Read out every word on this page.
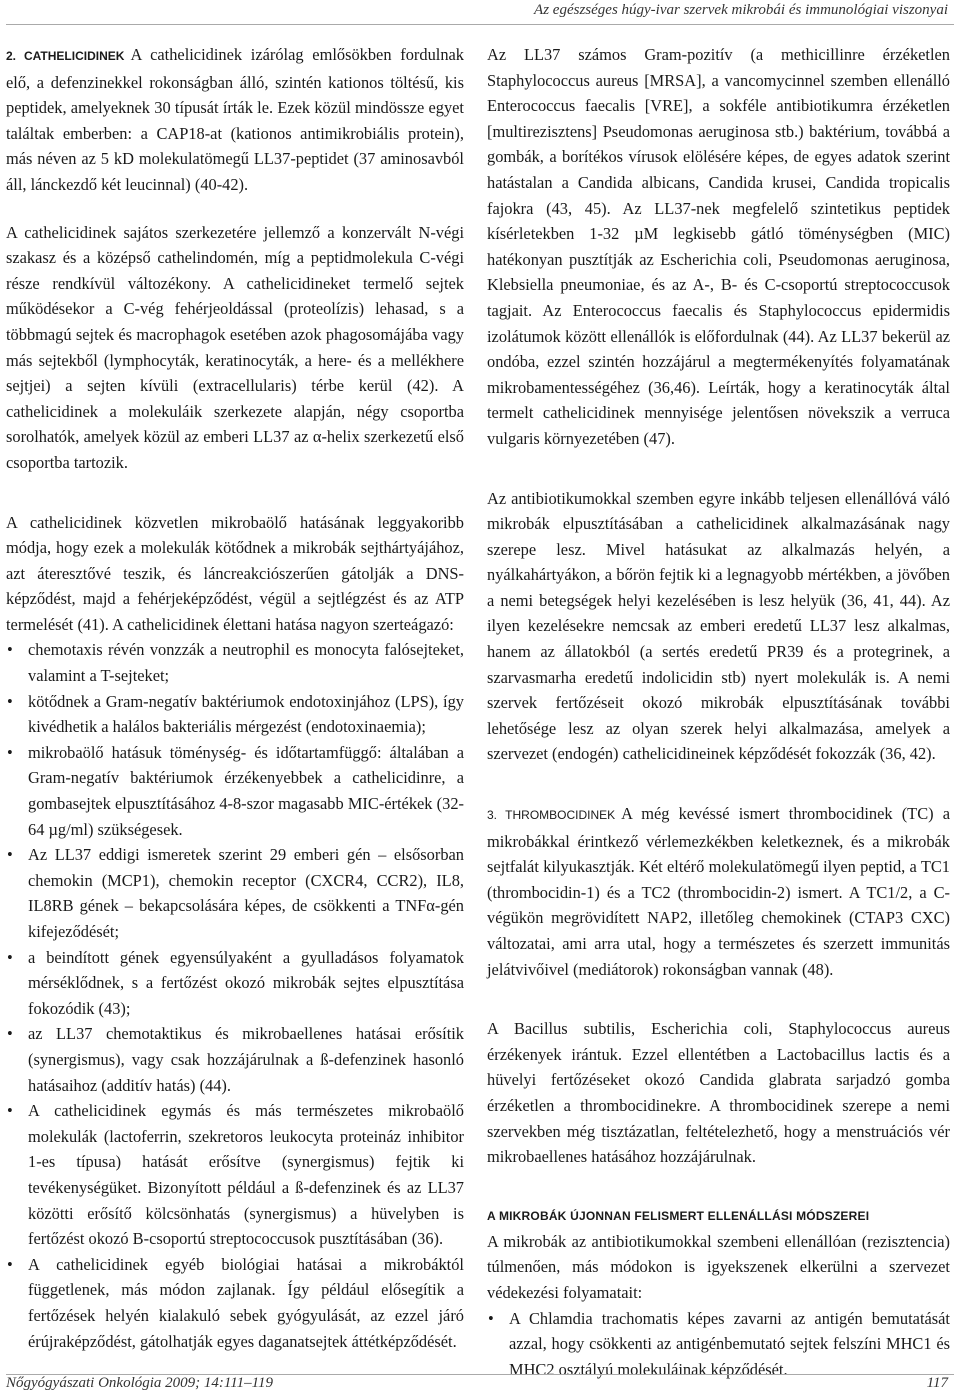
Az egészséges húgy-ivar szervek mikrobái és immunológiai viszonyai

2. CATHELICIDINEK A cathelicidinek izárólag emlősökben fordulnak elő, a defenzinekkel rokonságban álló, szintén kationos töltésű, kis peptidek, amelyeknek 30 típusát írták le. Ezek közül mindössze egyet találtak emberben: a CAP18-at (kationos antimikrobiális protein), más néven az 5 kD molekulatömegű LL37-peptidet (37 aminosavból áll, lánckezdő két leucinnal) (40-42).

A cathelicidinek sajátos szerkezetére jellemző a konzervált N-végi szakasz és a középső cathelindomén, míg a peptidmolekula C-végi része rendkívül változékony. A cathelicidineket termelő sejtek működésekor a C-vég fehérjeoldással (proteolízis) lehasad, s a többmagú sejtek és macrophagok esetében azok phagosomájába vagy más sejtekből (lymphocyták, keratinocyták, a here- és a mellékhere sejtjei) a sejten kívüli (extracellularis) térbe kerül (42). A cathelicidinek a molekuláik szerkezete alapján, négy csoportba sorolhatók, amelyek közül az emberi LL37 az α-helix szerkezetű első csoportba tartozik.

A cathelicidinek közvetlen mikrobaölő hatásának leggyakoribb módja, hogy ezek a molekulák kötődnek a mikrobák sejthártyájához, azt áteresztővé teszik, és láncreakciószerűen gátolják a DNS-képződést, majd a fehérjeképződést, végül a sejtlégzést és az ATP termelését (41). A cathelicidinek élettani hatása nagyon szerteágazó:

• chemotaxis révén vonzzák a neutrophil es monocyta falósejteket, valamint a T-sejteket;
• kötődnek a Gram-negatív baktériumok endotoxinjához (LPS), így kivédhetik a halálos bakteriális mérgezést (endotoxinaemia);
• mikrobaölő hatásuk töménység- és időtartamfüggő: általában a Gram-negatív baktériumok érzékenyebbek a cathelicidinre, a gombasejtek elpusztításához 4-8-szor magasabb MIC-értékek (32-64 µg/ml) szükségesek.
• Az LL37 eddigi ismeretek szerint 29 emberi gén – elsősorban chemokin (MCP1), chemokin receptor (CXCR4, CCR2), IL8, IL8RB gének – bekapcsolására képes, de csökkenti a TNFα-gén kifejeződését;
• a beindított gének egyensúlyaként a gyulladásos folyamatok mérséklődnek, s a fertőzést okozó mikrobák sejtes elpusztítása fokozódik (43);
• az LL37 chemotaktikus és mikrobaellenes hatásai erősítik (synergismus), vagy csak hozzájárulnak a ß-defenzinek hasonló hatásaihoz (additív hatás) (44).
• A cathelicidinek egymás és más természetes mikrobaölő molekulák (lactoferrin, szekretoros leukocyta proteináz inhibitor 1-es típusa) hatását erősítve (synergismus) fejtik ki tevékenységüket. Bizonyított például a ß-defenzinek és az LL37 közötti erősítő kölcsönhatás (synergismus) a hüvelyben is fertőzést okozó B-csoportú streptococcusok pusztításában (36).
• A cathelicidinek egyéb biológiai hatásai a mikrobáktól függetlenek, más módon zajlanak. Így például elősegítik a fertőzések helyén kialakuló sebek gyógyulását, az ezzel járó érújraképződést, gátolhatják egyes daganatsejtek áttétképződését.

Az LL37 számos Gram-pozitív (a methicillinre érzéketlen Staphylococcus aureus [MRSA], a vancomycinnel szemben ellenálló Enterococcus faecalis [VRE], a sokféle antibiotikumra érzéketlen [multirezisztens] Pseudomonas aeruginosa stb.) baktérium, továbbá a gombák, a borítékos vírusok elölésére képes, de egyes adatok szerint hatástalan a Candida albicans, Candida krusei, Candida tropicalis fajokra (43, 45). Az LL37-nek megfelelő szintetikus peptidek kísérletekben 1-32 µM legkisebb gátló töménységben (MIC) hatékonyan pusztítják az Escherichia coli, Pseudomonas aeruginosa, Klebsiella pneumoniae, és az A-, B- és C-csoportú streptococcusok tagjait. Az Enterococcus faecalis és Staphylococcus epidermidis izolátumok között ellenállók is előfordulnak (44). Az LL37 bekerül az ondóba, ezzel szintén hozzájárul a megtermékenyítés folyamatának mikrobamentességéhez (36,46). Leírták, hogy a keratinocyták által termelt cathelicidinek mennyisége jelentősen növekszik a verruca vulgaris környezetében (47).

Az antibiotikumokkal szemben egyre inkább teljesen ellenállóvá váló mikrobák elpusztításában a cathelicidinek alkalmazásának nagy szerepe lesz. Mivel hatásukat az alkalmazás helyén, a nyálkahártyákon, a bőrön fejtik ki a legnagyobb mértékben, a jövőben a nemi betegségek helyi kezelésében is lesz helyük (36, 41, 44). Az ilyen kezelésekre nemcsak az emberi eredetű LL37 lesz alkalmas, hanem az állatokból (a sertés eredetű PR39 és a protegrinek, a szarvasmarha eredetű indolicidin stb) nyert molekulák is. A nemi szervek fertőzéseit okozó mikrobák elpusztításának további lehetősége lesz az olyan szerek helyi alkalmazása, amelyek a szervezet (endogén) cathelicidineinek képződését fokozzák (36, 42).

3. THROMBOCIDINEK A még kevéssé ismert thrombocidinek (TC) a mikrobákkal érintkező vérlemezkékben keletkeznek, és a mikrobák sejtfalát kilyukasztják. Két eltérő molekulatömegű ilyen peptid, a TC1 (thrombocidin-1) és a TC2 (thrombocidin-2) ismert. A TC1/2, a C-végükön megrövidített NAP2, illetőleg chemokinek (CTAP3 CXC) változatai, ami arra utal, hogy a természetes és szerzett immunitás jelátvivőivel (mediátorok) rokonságban vannak (48).

A Bacillus subtilis, Escherichia coli, Staphylococcus aureus érzékenyek irántuk. Ezzel ellentétben a Lactobacillus lactis és a hüvelyi fertőzéseket okozó Candida glabrata sarjadzó gomba érzéketlen a thrombocidinekre. A thrombocidinek szerepe a nemi szervekben még tisztázatlan, feltételezhető, hogy a menstruációs vér mikrobaellenes hatásához hozzájárulnak.

A MIKROBÁK ÚJONNAN FELISMERT ELLENÁLLÁSI MÓDSZEREI

A mikrobák az antibiotikumokkal szembeni ellenállóan (rezisztencia) túlmenően, más módokon is igyekszenek elkerülni a szervezet védekezési folyamatait:

• A Chlamdia trachomatis képes zavarni az antigén bemutatását azzal, hogy csökkenti az antigénbemutató sejtek felszíni MHC1 és MHC2 osztályú molekuláinak képződését.
Nőgyógyászati Onkológia 2009; 14:111–119	117
